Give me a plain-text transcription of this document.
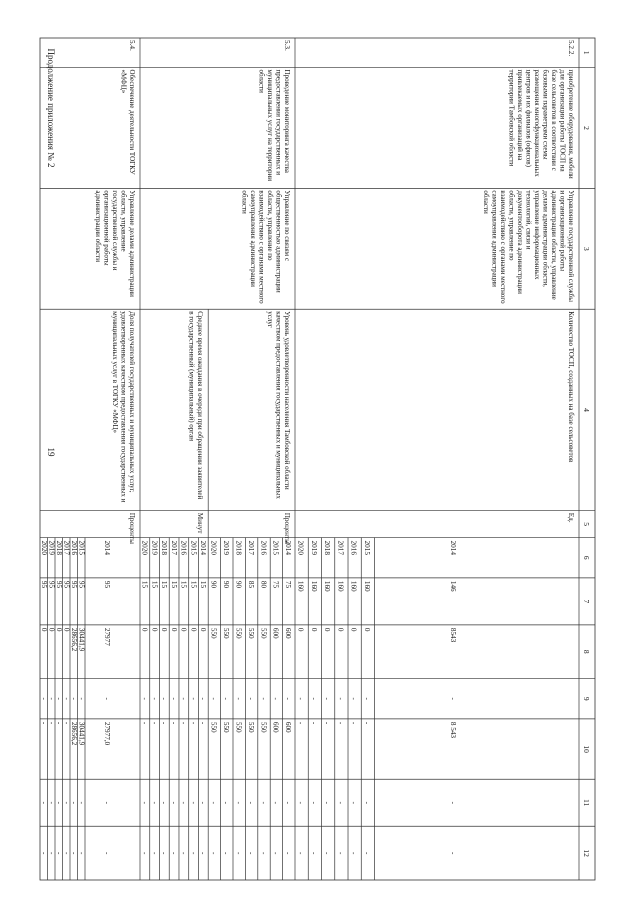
1
2
3
4
5
6
7
8
9
10
11
12
5.2.2.
приобретение оборудования, мебели
для организации работы ТОСП на
базе сельсоветов в соответствии с
базовыми параметрами схемы
размещения многофункциональных
центров и их филиалов (офисов)
привлекаемых организаций на
территории Тамбовской области
Управление государственной службы
и организационной работы
администрации области, управление
делами администрации области,
управление информационных
технологий, связи и
документооборота администрации
области, управление по
взаимодействию с органами местного
самоуправления администрации
области
Количество ТОСП, созданных на базе сельсоветов
Ед.
2014
146
8543
-
8 543
-
-
2015
160
0
-
-
-
-
2016
160
0
-
-
-
-
2017
160
0
-
-
-
-
2018
160
0
-
-
-
-
2019
160
0
-
-
-
-
2020
160
0
-
-
-
-
5.3.
Проведение мониторинга качества
предоставления государственных и
муниципальных услуг на территории
области
Управление по связям с
общественностью администрации
области, управление по
взаимодействию с органами местного
самоуправления администрации
области
Уровень удовлетворенности населения Тамбовской области
качеством предоставления государственных и муниципальных
услуг
Проценты
Среднее время ожидания в очереди при обращении заявителей
в государственный (муниципальный) орган
Минут
2014
75
600
-
600
-
-
2015
75
600
-
600
-
-
2016
80
550
-
550
-
-
2017
85
550
-
550
-
-
2018
90
550
-
550
-
-
2019
90
550
-
550
-
-
2020
90
550
-
550
-
-
2014
15
0
-
-
-
-
2015
15
0
-
-
-
-
2016
15
0
-
-
-
-
2017
15
0
-
-
-
-
2018
15
0
-
-
-
-
2019
15
0
-
-
-
-
2020
15
0
-
-
-
-
5.4.
Обеспечение деятельности ТОГКУ
«МФЦ»
Управление делами администрации
области, управление
государственной службы и
организационной работы
администрации области
Доля получателей государственных и муниципальных услуг,
удовлетворенных качеством предоставления государственных и
муниципальных услуг в ТОГКУ «МФЦ»
Проценты
2014
95
27977
-
27977,0
-
-
2015
95
30441,9
-
30441,9
-
-
2016
95
28656,2
-
28656,2
-
-
2017
95
0
-
-
-
-
2018
95
0
-
-
-
-
2019
95
0
-
-
-
-
2020
95
0
-
-
-
-
19
Продолжение приложения № 2
